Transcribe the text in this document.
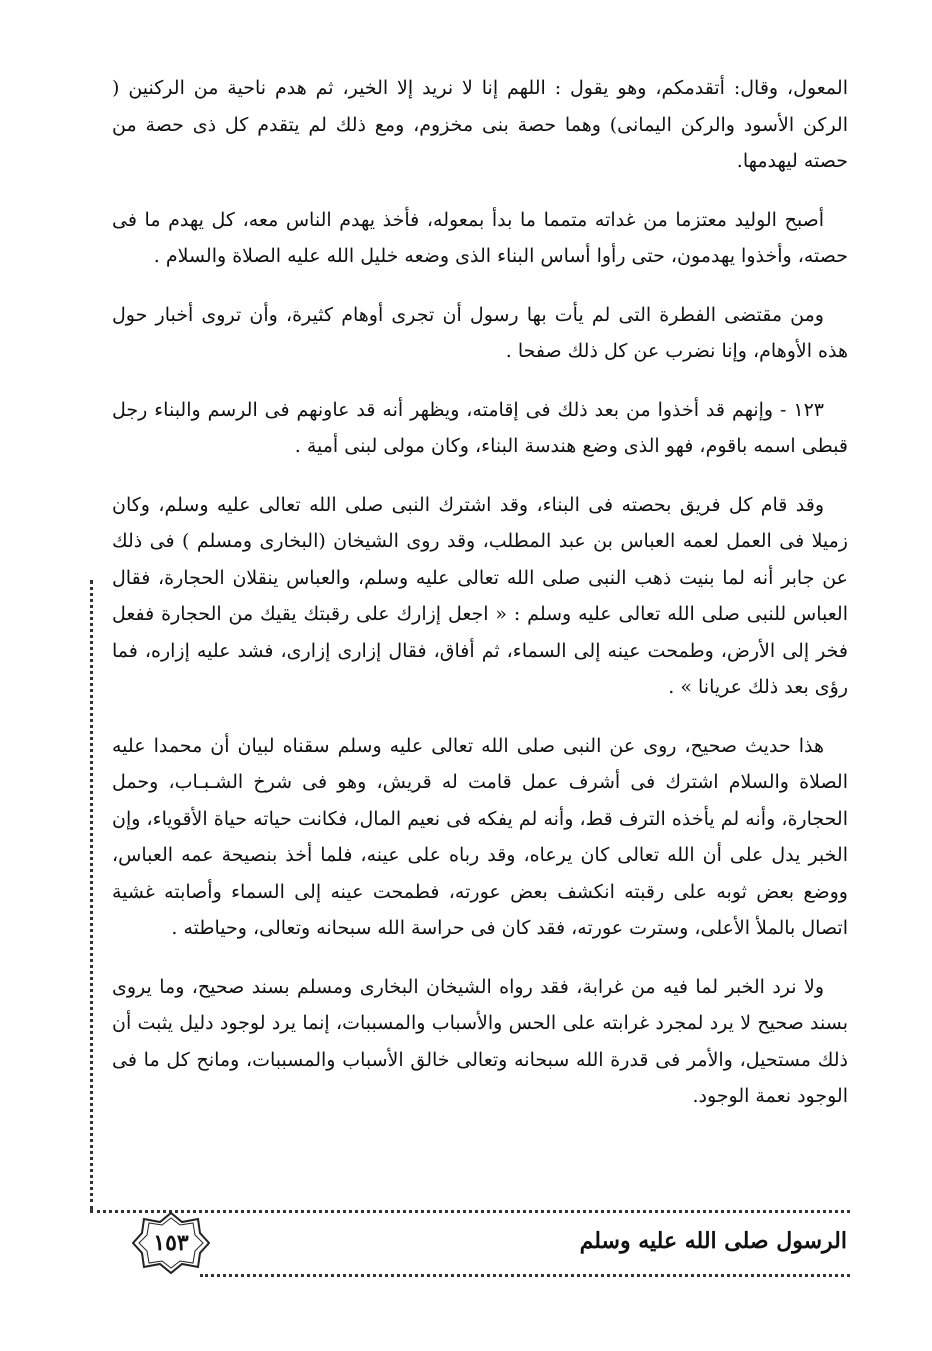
المعول، وقال: أتقدمكم، وهو يقول : اللهم إنا لا نريد إلا الخير، ثم هدم ناحية من الركنين ( الركن الأسود والركن اليمانى) وهما حصة بنى مخزوم، ومع ذلك لم يتقدم كل ذى حصة من حصته ليهدمها.

أصبح الوليد معتزما من غداته متمما ما بدأ بمعوله، فأخذ يهدم الناس معه، كل يهدم ما فى حصته، وأخذوا يهدمون، حتى رأوا أساس البناء الذى وضعه خليل الله عليه الصلاة والسلام .

ومن مقتضى الفطرة التى لم يأت بها رسول أن تجرى أوهام كثيرة، وأن تروى أخبار حول هذه الأوهام، وإنا نضرب عن كل ذلك صفحا .

١٢٣ - وإنهم قد أخذوا من بعد ذلك فى إقامته، ويظهر أنه قد عاونهم فى الرسم والبناء رجل قبطى اسمه باقوم، فهو الذى وضع هندسة البناء، وكان مولى لبنى أمية .

وقد قام كل فريق بحصته فى البناء، وقد اشترك النبى صلى الله تعالى عليه وسلم، وكان زميلا فى العمل لعمه العباس بن عبد المطلب، وقد روى الشيخان (البخارى ومسلم ) فى ذلك عن جابر أنه لما بنيت ذهب النبى صلى الله تعالى عليه وسلم، والعباس ينقلان الحجارة، فقال العباس للنبى صلى الله تعالى عليه وسلم : « اجعل إزارك على رقبتك يقيك من الحجارة ففعل فخر إلى الأرض، وطمحت عينه إلى السماء، ثم أفاق، فقال إزارى إزارى، فشد عليه إزاره، فما رؤى بعد ذلك عريانا » .

هذا حديث صحيح، روى عن النبى صلى الله تعالى عليه وسلم سقناه لبيان أن محمدا عليه الصلاة والسلام اشترك فى أشرف عمل قامت له قريش، وهو فى شرخ الشـبـاب، وحمل الحجارة، وأنه لم يأخذه الترف قط، وأنه لم يفكه فى نعيم المال، فكانت حياته حياة الأقوياء، وإن الخبر يدل على أن الله تعالى كان يرعاه، وقد رباه على عينه، فلما أخذ بنصيحة عمه العباس، ووضع بعض ثوبه على رقبته انكشف بعض عورته، فطمحت عينه إلى السماء وأصابته غشية اتصال بالملأ الأعلى، وسترت عورته، فقد كان فى حراسة الله سبحانه وتعالى، وحياطته .

ولا نرد الخبر لما فيه من غرابة، فقد رواه الشيخان البخارى ومسلم بسند صحيح، وما يروى بسند صحيح لا يرد لمجرد غرابته على الحس والأسباب والمسببات، إنما يرد لوجود دليل يثبت أن ذلك مستحيل، والأمر فى قدرة الله سبحانه وتعالى خالق الأسباب والمسببات، ومانح كل ما فى الوجود نعمة الوجود.

١٥٣	الرسول صلى الله عليه وسلم
